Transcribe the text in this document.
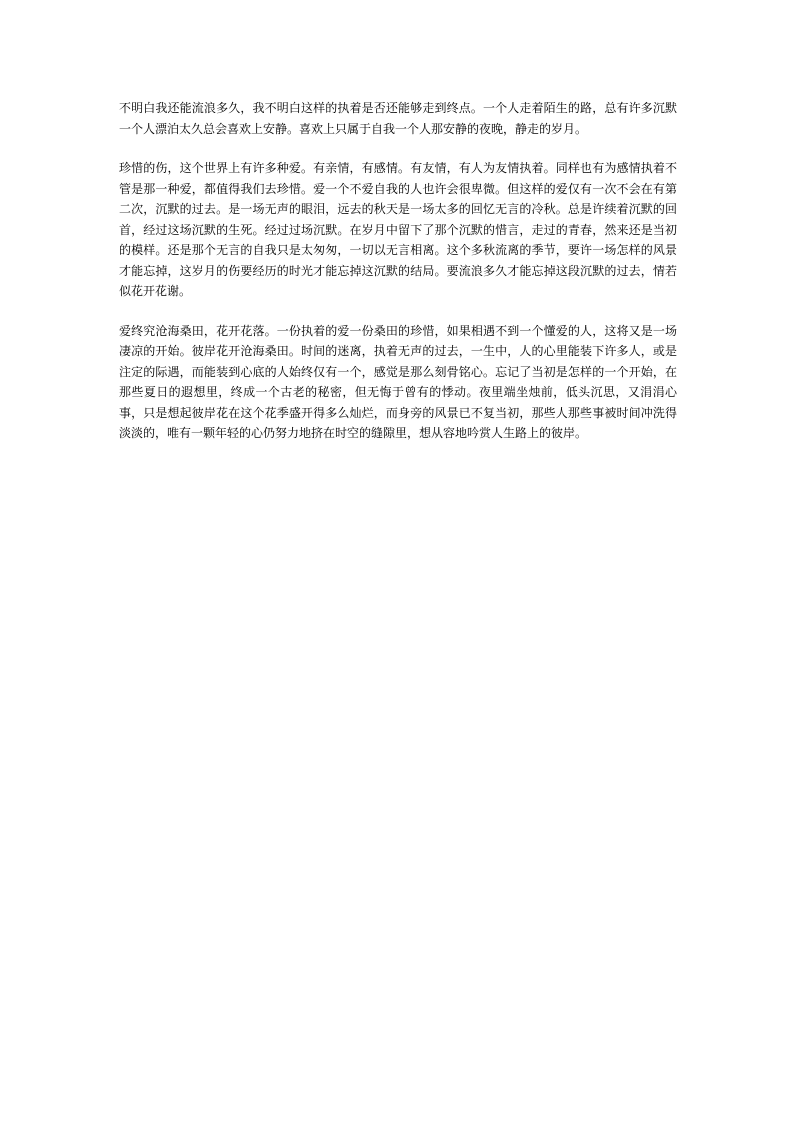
不明白我还能流浪多久，我不明白这样的执着是否还能够走到终点。一个人走着陌生的路，总有许多沉默一个人漂泊太久总会喜欢上安静。喜欢上只属于自我一个人那安静的夜晚，静走的岁月。

珍惜的伤，这个世界上有许多种爱。有亲情，有感情。有友情，有人为友情执着。同样也有为感情执着不管是那一种爱，都值得我们去珍惜。爱一个不爱自我的人也许会很卑微。但这样的爱仅有一次不会在有第二次，沉默的过去。是一场无声的眼泪，远去的秋天是一场太多的回忆无言的冷秋。总是许续着沉默的回首，经过这场沉默的生死。经过过场沉默。在岁月中留下了那个沉默的惜言，走过的青春，然来还是当初的模样。还是那个无言的自我只是太匆匆，一切以无言相离。这个多秋流离的季节，要许一场怎样的风景才能忘掉，这岁月的伤要经历的时光才能忘掉这沉默的结局。要流浪多久才能忘掉这段沉默的过去，情若似花开花谢。

爱终究沧海桑田，花开花落。一份执着的爱一份桑田的珍惜，如果相遇不到一个懂爱的人，这将又是一场凄凉的开始。彼岸花开沧海桑田。时间的迷离，执着无声的过去，一生中，人的心里能装下许多人，或是注定的际遇，而能装到心底的人始终仅有一个，感觉是那么刻骨铭心。忘记了当初是怎样的一个开始，在那些夏日的遐想里，终成一个古老的秘密，但无悔于曾有的悸动。夜里端坐烛前，低头沉思，又涓涓心事，只是想起彼岸花在这个花季盛开得多么灿烂，而身旁的风景已不复当初，那些人那些事被时间冲洗得淡淡的，唯有一颗年轻的心仍努力地挤在时空的缝隙里，想从容地吟赏人生路上的彼岸。
